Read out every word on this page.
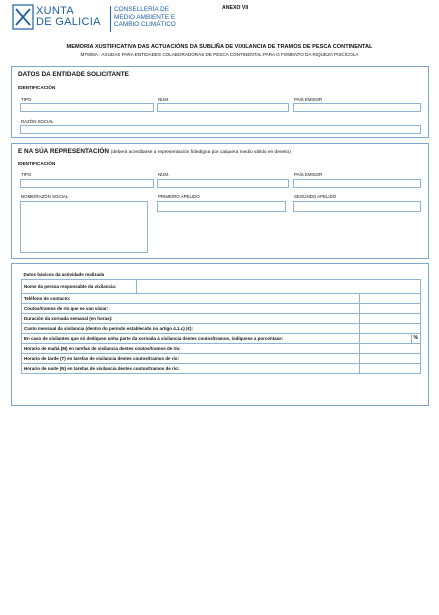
XUNTA
DE GALICIA
CONSELLERÍA DE
MEDIO AMBIENTE E
CAMBIO CLIMÁTICO
ANEXO VII
MEMORIA XUSTIFICATIVA DAS ACTUACIÓNS DA SUBLIÑA DE VIXILANCIA DE TRAMOS DE PESCA CONTINENTAL
MT806A - AXUDAS PARA ENTIDADES COLABORADORAS DE PESCA CONTINENTAL PARA O FOMENTO DA RIQUEZA PISCÍCOLA
DATOS DA ENTIDADE SOLICITANTE
IDENTIFICACIÓN
TIPO	NÚM.	PAÍS EMISOR
RAZÓN SOCIAL
E NA SÚA REPRESENTACIÓN (deberá acreditarse a representación fidedigna por calquera medio válido en dereito)
IDENTIFICACIÓN
TIPO	NÚM.	PAÍS EMISOR
NOME/RAZÓN SOCIAL	PRIMEIRO APELIDO	SEGUNDO APELIDO
Datos básicos da actividade realizada			
Nome da persoa responsable da vixilancia:			
Teléfono de contacto:			
Coutos/tramos de río que se van vixiar:			
Duración da xornada semanal (en horas):			
Custo mensual da vixilancia (dentro do período establecido no artigo 4.1.c) (€):			
En caso de vixilantes que só dediquen unha parte da xornada á vixilancia destes coutos/tramos, indíquese a porcentaxe:			%
Horario de mañá (M) en tarefas de vixilancia destes coutos/tramos de río:			
Horario de tarde (T) en tarefas de vixilancia destes coutos/tramos de río:			
Horario de noite (N) en tarefas de vixilancia destes coutos/tramos de río:			
